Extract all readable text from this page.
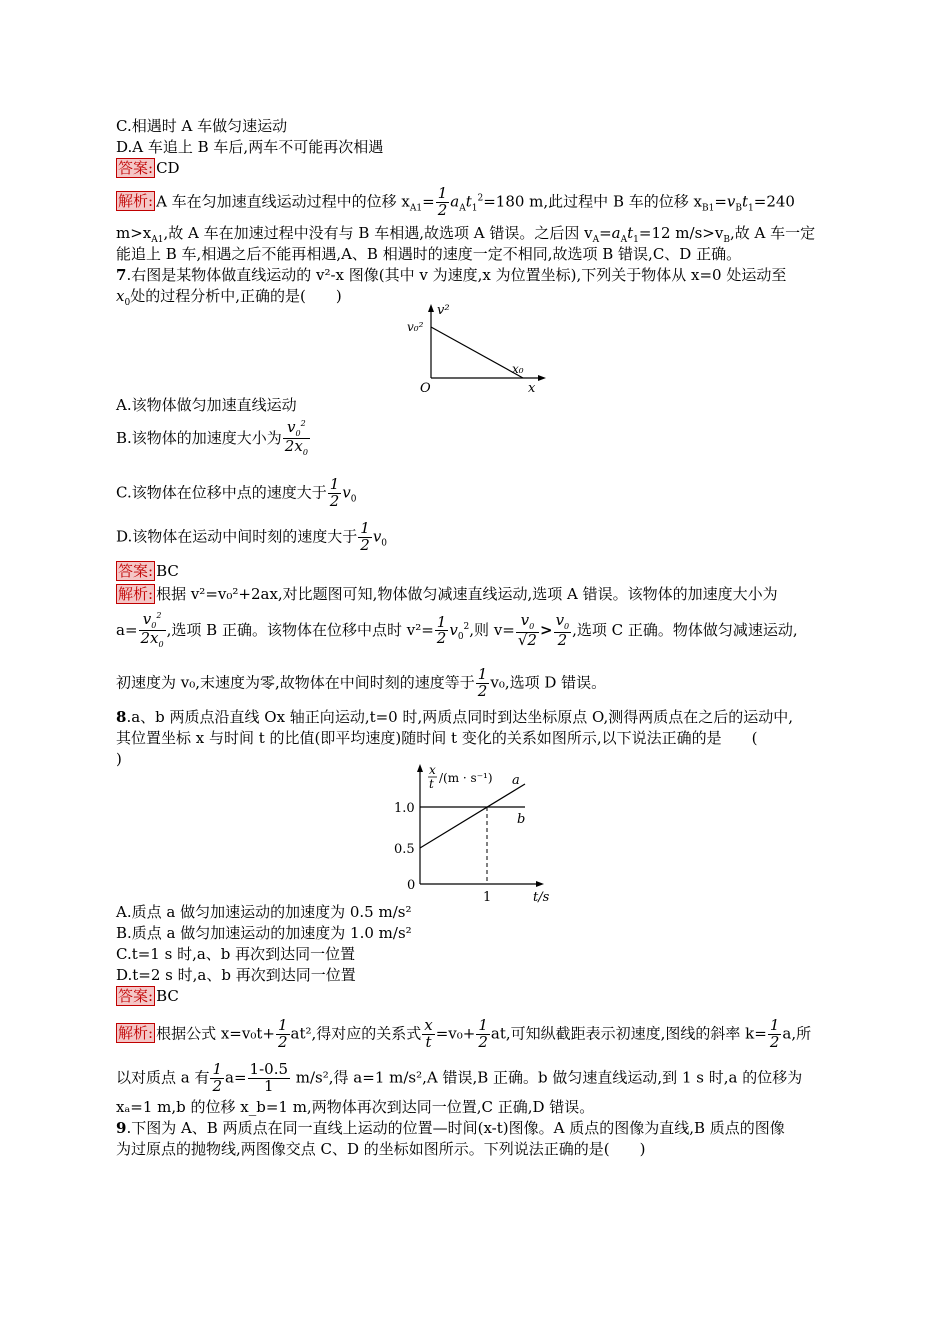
C.相遇时 A 车做匀速运动
D.A 车追上 B 车后,两车不可能再次相遇
答案: CD
解析: A 车在匀加速直线运动过程中的位移 $x_{A1}= \frac{1}{2} a_At_1^2=180$ m,此过程中 B 车的位移 $x_{B1}=v_Bt_1=240$
$m>x_{A1}$,故 A 车在加速过程中没有与 B 车相遇,故选项 A 错误。之后因 $v_A=a_At_1=12$ $m/s>v_B$,故 A 车一定
能追上 B 车,相遇之后不能再相遇,A、B 相遇时的速度一定不相同,故选项 B 错误,C、D 正确。
7.右图是某物体做直线运动的 v²-x 图像(其中 v 为速度,x 为位置坐标),下列关于物体从 x=0 处运动至
$x_0$处的过程分析中,正确的是(　　)
v²
v₀²
x₀
O	x
A.该物体做匀加速直线运动
B.该物体的加速度大小为 $\frac{v_0^2}{2x_0}$
C.该物体在位移中点的速度大于 $\frac{1}{2} v_0$
D.该物体在运动中间时刻的速度大于 $\frac{1}{2} v_0$
答案: BC
解析: 根据 v²=v₀²+2ax,对比题图可知,物体做匀减速直线运动,选项 A 错误。该物体的加速度大小为
$a= \frac{v_0^2}{2x_0}$ ,选项 B 正确。该物体在位移中点时 $v^2= \frac{1}{2} v_0^2$,则 $v= \frac{v_0}{√2} > \frac{v_0}{2}$ ,选项 C 正确。物体做匀减速运动,
初速度为 v₀,末速度为零,故物体在中间时刻的速度等于 $\frac{1}{2} v_0$,选项 D 错误。
8.a、b 两质点沿直线 Ox 轴正向运动,t=0 时,两质点同时到达坐标原点 O,测得两质点在之后的运动中,
其位置坐标 x 与时间 t 的比值(即平均速度)随时间 t 变化的关系如图所示,以下说法正确的是　　(
)
x
t /(m · s⁻¹) a
b
1.0
0.5
0
1	t/s
A.质点 a 做匀加速运动的加速度为 0.5 m/s²
B.质点 a 做匀加速运动的加速度为 1.0 m/s²
C.t=1 s 时,a、b 再次到达同一位置
D.t=2 s 时,a、b 再次到达同一位置
答案: BC
解析: 根据公式 $x=v_0t+ \frac{1}{2} at^2$,得对应的关系式 $\frac{x}{t} =v_0+ \frac{1}{2}$ at,可知纵截距表示初速度,图线的斜率 $k= \frac{1}{2} a$,所
以对质点 a 有 $\frac{1}{2} a= \frac{1-0.5}{1} m/s^2$,得 a=1 m/s²,A 错误,B 正确。b 做匀速直线运动,到 1 s 时,a 的位移为
xₐ=1 m,b 的位移 x_b=1 m,两物体再次到达同一位置,C 正确,D 错误。
9.下图为 A、B 两质点在同一直线上运动的位置—时间(x-t)图像。A 质点的图像为直线,B 质点的图像
为过原点的抛物线,两图像交点 C、D 的坐标如图所示。下列说法正确的是(　　)
